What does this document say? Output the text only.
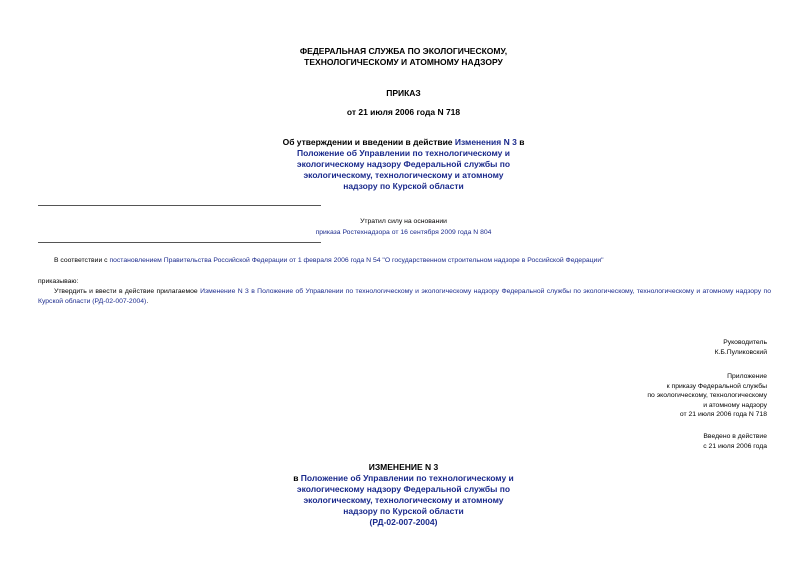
ФЕДЕРАЛЬНАЯ СЛУЖБА ПО ЭКОЛОГИЧЕСКОМУ,
ТЕХНОЛОГИЧЕСКОМУ И АТОМНОМУ НАДЗОРУ
ПРИКАЗ
от 21 июля 2006 года N 718
Об утверждении и введении в действие Изменения N 3 в
Положение об Управлении по технологическому и
экологическому надзору Федеральной службы по
экологическому, технологическому и атомному
надзору по Курской области
Утратил силу на основании
приказа Ростехнадзора от 16 сентября 2009 года N 804
В соответствии с постановлением Правительства Российской Федерации от 1 февраля 2006 года N 54 "О государственном строительном надзоре в Российской Федерации"
приказываю:
Утвердить и ввести в действие прилагаемое Изменение N 3 в Положение об Управлении по технологическому и экологическому надзору Федеральной службы по экологическому, технологическому и атомному надзору по Курской области (РД-02-007-2004).
Руководитель
К.Б.Пуликовский
Приложение
к приказу Федеральной службы
по экологическому, технологическому
и атомному надзору
от 21 июля 2006 года N 718
Введено в действие
с 21 июля 2006 года
ИЗМЕНЕНИЕ N 3
в Положение об Управлении по технологическому и
экологическому надзору Федеральной службы по
экологическому, технологическому и атомному
надзору по Курской области
(РД-02-007-2004)
